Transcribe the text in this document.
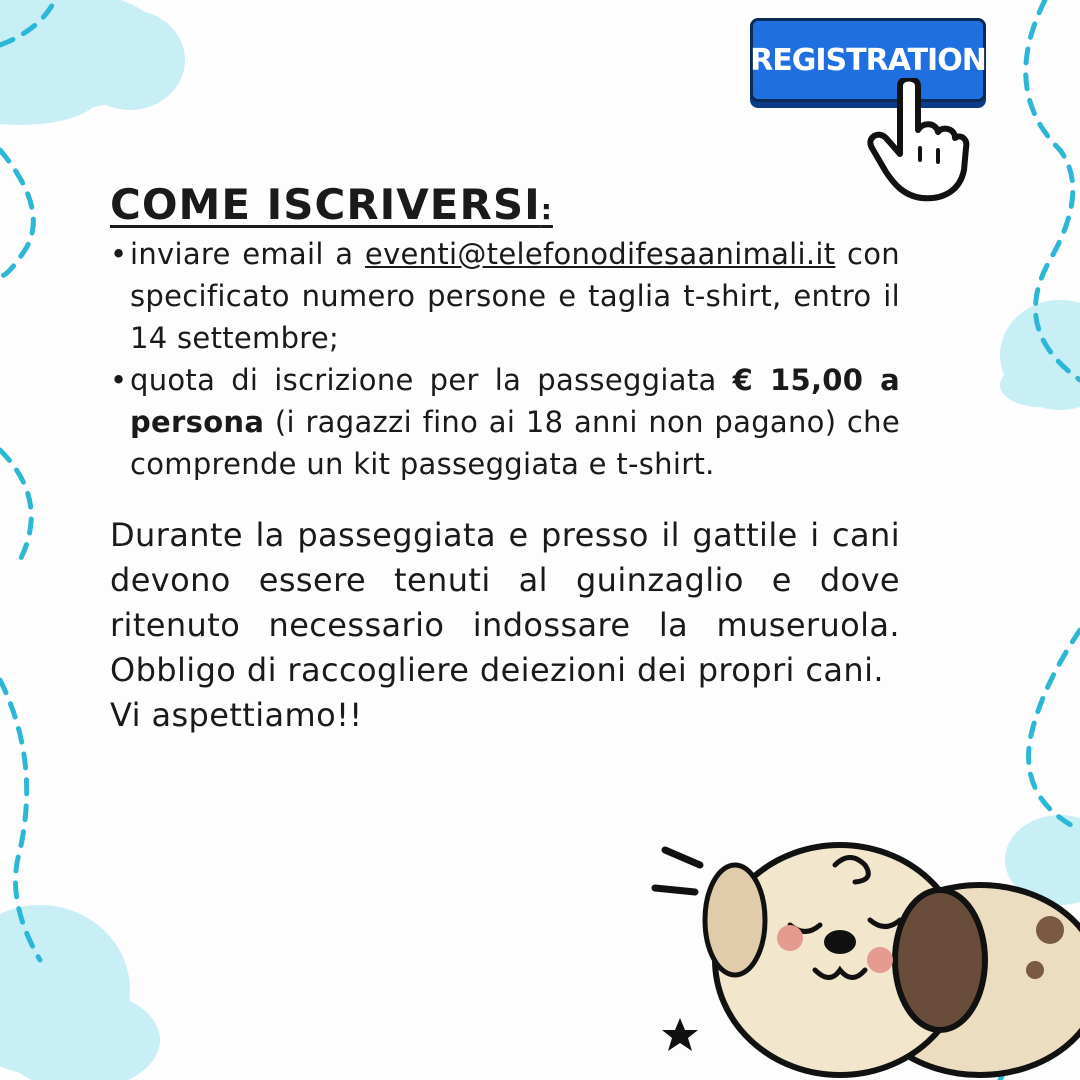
REGISTRATION
COME ISCRIVERSI:
• inviare email a eventi@telefonodifesaanimali.it con specificato numero persone e taglia t-shirt, entro il 14 settembre;
• quota di iscrizione per la passeggiata € 15,00 a persona (i ragazzi fino ai 18 anni non pagano) che comprende un kit passeggiata e t-shirt.

Durante la passeggiata e presso il gattile i cani devono essere tenuti al guinzaglio e dove ritenuto necessario indossare la museruola. Obbligo di raccogliere deiezioni dei propri cani.

Vi aspettiamo!!
